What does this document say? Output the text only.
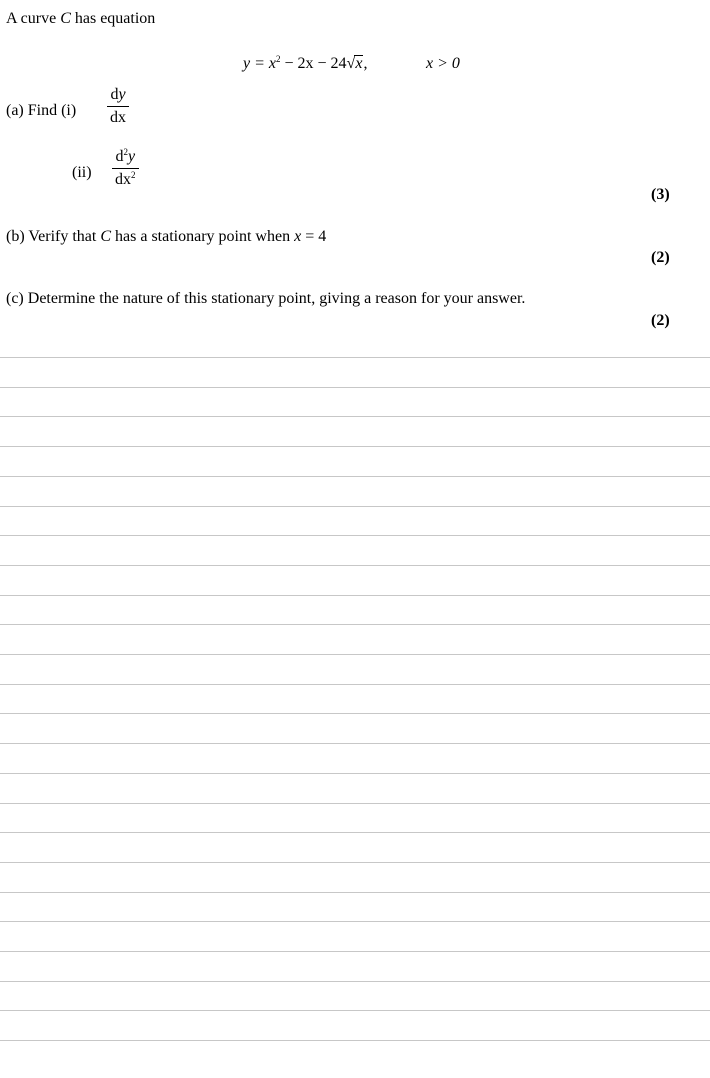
A curve C has equation
$y = x^2 - 2x - 24√x$,	x > 0
(a) Find (i)
dy
dx
(ii)
$d^2y$
$dx^2$
(3)
(b) Verify that C has a stationary point when x = 4
(2)
(c) Determine the nature of this stationary point, giving a reason for your answer.
(2)
